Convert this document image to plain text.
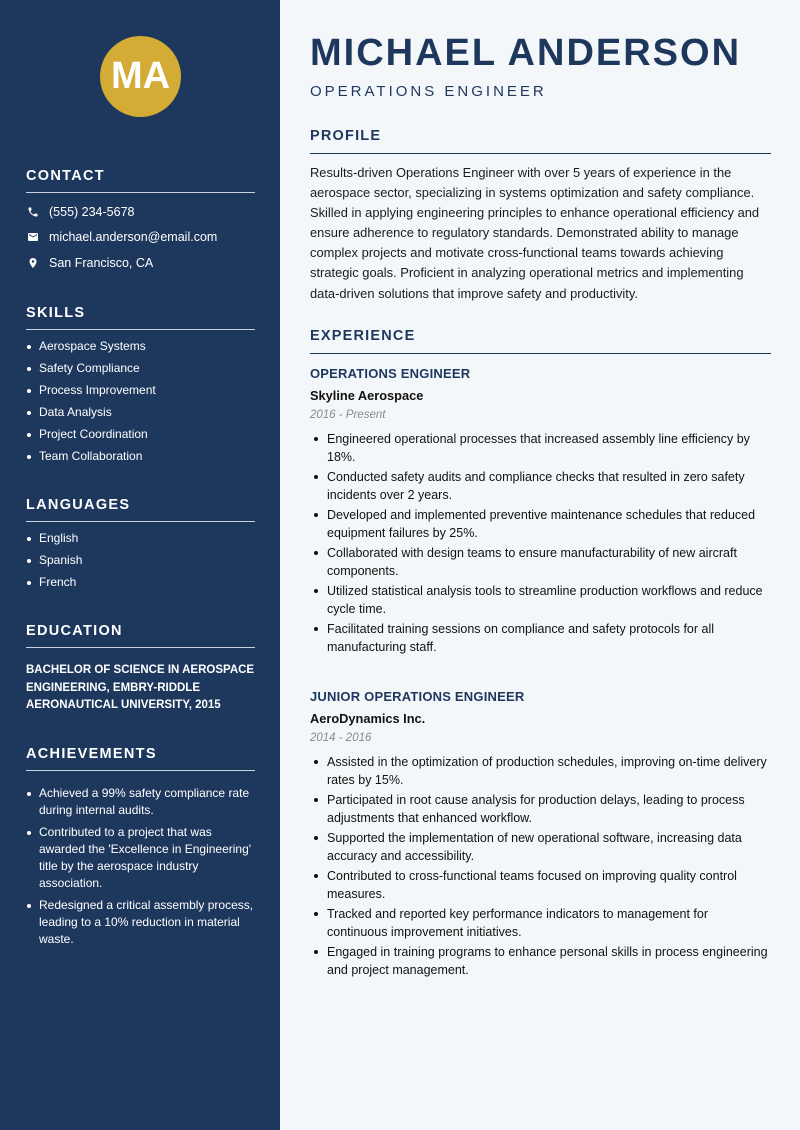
MA
CONTACT
(555) 234-5678
michael.anderson@email.com
San Francisco, CA
SKILLS
Aerospace Systems
Safety Compliance
Process Improvement
Data Analysis
Project Coordination
Team Collaboration
LANGUAGES
English
Spanish
French
EDUCATION
BACHELOR OF SCIENCE IN AEROSPACE ENGINEERING, EMBRY-RIDDLE AERONAUTICAL UNIVERSITY, 2015
ACHIEVEMENTS
Achieved a 99% safety compliance rate during internal audits.
Contributed to a project that was awarded the 'Excellence in Engineering' title by the aerospace industry association.
Redesigned a critical assembly process, leading to a 10% reduction in material waste.
MICHAEL ANDERSON
OPERATIONS ENGINEER
PROFILE
Results-driven Operations Engineer with over 5 years of experience in the aerospace sector, specializing in systems optimization and safety compliance. Skilled in applying engineering principles to enhance operational efficiency and ensure adherence to regulatory standards. Demonstrated ability to manage complex projects and motivate cross-functional teams towards achieving strategic goals. Proficient in analyzing operational metrics and implementing data-driven solutions that improve safety and productivity.
EXPERIENCE
OPERATIONS ENGINEER
Skyline Aerospace
2016 - Present
Engineered operational processes that increased assembly line efficiency by 18%.
Conducted safety audits and compliance checks that resulted in zero safety incidents over 2 years.
Developed and implemented preventive maintenance schedules that reduced equipment failures by 25%.
Collaborated with design teams to ensure manufacturability of new aircraft components.
Utilized statistical analysis tools to streamline production workflows and reduce cycle time.
Facilitated training sessions on compliance and safety protocols for all manufacturing staff.
JUNIOR OPERATIONS ENGINEER
AeroDynamics Inc.
2014 - 2016
Assisted in the optimization of production schedules, improving on-time delivery rates by 15%.
Participated in root cause analysis for production delays, leading to process adjustments that enhanced workflow.
Supported the implementation of new operational software, increasing data accuracy and accessibility.
Contributed to cross-functional teams focused on improving quality control measures.
Tracked and reported key performance indicators to management for continuous improvement initiatives.
Engaged in training programs to enhance personal skills in process engineering and project management.
